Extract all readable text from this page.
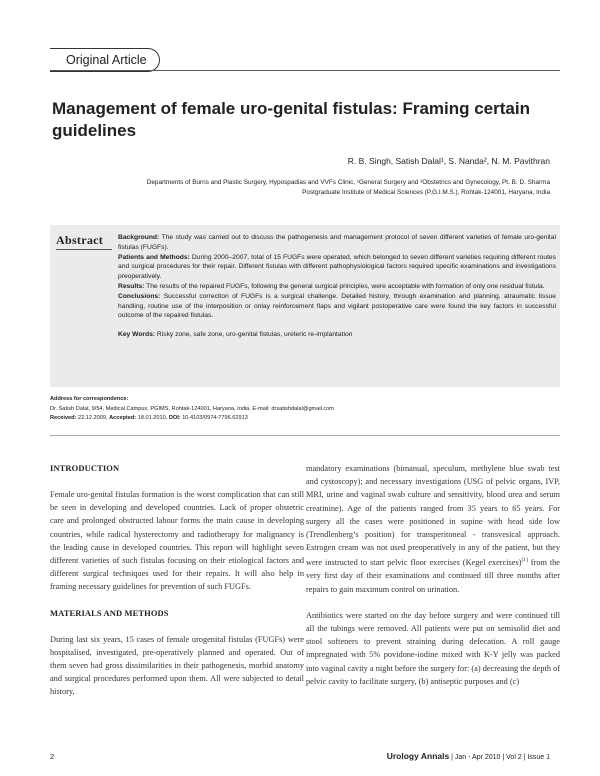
Original Article
Management of female uro-genital fistulas: Framing certain guidelines
R. B. Singh, Satish Dalal¹, S. Nanda², N. M. Pavithran
Departments of Burns and Plastic Surgery, Hypospadias and VVFs Clinic, ¹General Surgery and ²Obstetrics and Gynecology, Pt. B. D. Sharma
Postgraduate Institute of Medical Sciences (P.G.I.M.S.), Rohtak-124001, Haryana, India
Abstract Background: The study was carried out to discuss the pathogenesis and management protocol of seven different varieties of female uro-genital fistulas (FUGFs).

Patients and Methods: During 2000–2007, total of 15 FUGFs were operated, which belonged to seven different varieties requiring different routes and surgical procedures for their repair. Different fistulas with different pathophysiological factors required specific examinations and investigations preoperatively.

Results: The results of the repaired FUGFs, following the general surgical principles, were acceptable with formation of only one residual fistula.

Conclusions: Successful correction of FUGFs is a surgical challenge. Detailed history, through examination and planning, atraumatic tissue handling, routine use of the interposition or onlay reinforcement flaps and vigilant postoperative care were found the key factors in successful outcome of the repaired fistulas.

Key Words: Risky zone, safe zone, uro-genital fistulas, ureteric re-implantation

Address for correspondence:
Dr. Satish Dalal, 9/54, Medical Campus, PGIMS, Rohtak-124001, Haryana, India. E-mail: drsatishdalal@gmail.com
Received: 22.12.2009, Accepted: 18.01.2010, DOI: 10.4103/0974-7796.62913
INTRODUCTION

Female uro-genital fistulas formation is the worst complication that can still be seen in developing and developed countries. Lack of proper obstetric care and prolonged obstructed labour forms the main cause in developing countries, while radical hysterectomy and radiotherapy for malignancy is the leading cause in developed countries. This report will highlight seven different varieties of such fistulas focusing on their etiological factors and different surgical techniques used for their repairs. It will also help in framing necessary guidelines for prevention of such FUGFs.

MATERIALS AND METHODS

During last six years, 15 cases of female urogenital fistulas (FUGFs) were hospitalised, investigated, pre-operatively planned and operated. Out of them seven had gross dissimilarities in their pathogenesis, morbid anatomy and surgical procedures performed upon them. All were subjected to detail history,

mandatory examinations (bimanual, speculum, methylene blue swab test and cystoscopy); and necessary investigations (USG of pelvic organs, IVP, MRI, urine and vaginal swab culture and sensitivity, blood urea and serum creatinine). Age of the patients ranged from 35 years to 65 years. For surgery all the cases were positioned in supine with head side low (Trendlenberg’s position) for transperitoneal - transvesical approach. Estrogen cream was not used preoperatively in any of the patient, but they were instructed to start pelvic floor exercises (Kegel exercises)[1] from the very first day of their examinations and continued till three months after repairs to gain maximum control on urination.

Antibiotics were started on the day before surgery and were continued till all the tubings were removed. All patients were put on semisolid diet and stool softeners to prevent straining during defecation. A roll gauge impregnated with 5% povidone-iodine mixed with K-Y jelly was packed into vaginal cavity a night before the surgery for: (a) decreasing the depth of pelvic cavity to facilitate surgery, (b) antiseptic purposes and (c)

2	Urology Annals | Jan - Apr 2010 | Vol 2 | Issue 1
